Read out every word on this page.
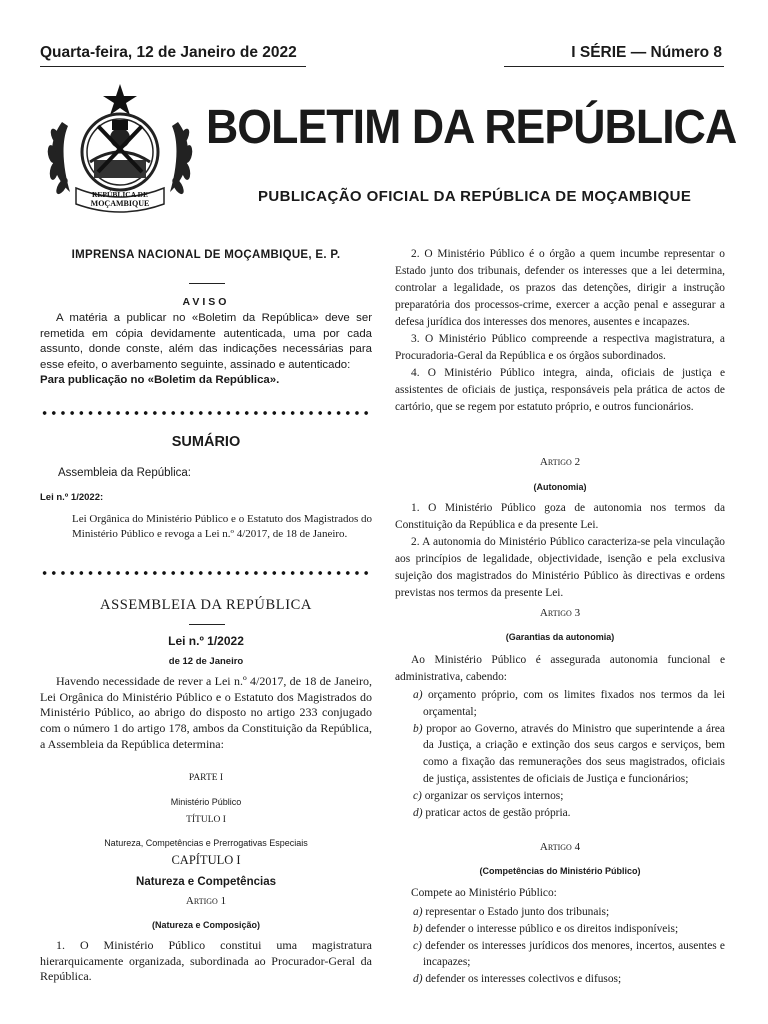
Quarta-feira, 12 de Janeiro de 2022	I SÉRIE — Número 8
REPÚBLICA DE
MOÇAMBIQUE
BOLETIM DA REPÚBLICA
PUBLICAÇÃO OFICIAL DA REPÚBLICA DE MOÇAMBIQUE
IMPRENSA NACIONAL DE MOÇAMBIQUE, E. P.
AVISO

A matéria a publicar no «Boletim da República» deve ser remetida em cópia devidamente autenticada, uma por cada assunto, donde conste, além das indicações necessárias para esse efeito, o averbamento seguinte, assinado e autenticado:

Para publicação no «Boletim da República».

SUMÁRIO
Assembleia da República:
Lei n.º 1/2022:
Lei Orgânica do Ministério Público e o Estatuto dos Magistrados do Ministério Público e revoga a Lei n.º 4/2017, de 18 de Janeiro.
ASSEMBLEIA DA REPÚBLICA
Lei n.º 1/2022
de 12 de Janeiro
Havendo necessidade de rever a Lei n.º 4/2017, de 18 de Janeiro, Lei Orgânica do Ministério Público e o Estatuto dos Magistrados do Ministério Público, ao abrigo do disposto no artigo 233 conjugado com o número 1 do artigo 178, ambos da Constituição da República, a Assembleia da República determina:
PARTE I
Ministério Público
TÍTULO I
Natureza, Competências e Prerrogativas Especiais
CAPÍTULO I
Natureza e Competências
Artigo 1
(Natureza e Composição)
1. O Ministério Público constitui uma magistratura hierarquicamente organizada, subordinada ao Procurador-Geral da República.

2. O Ministério Público é o órgão a quem incumbe representar o Estado junto dos tribunais, defender os interesses que a lei determina, controlar a legalidade, os prazos das detenções, dirigir a instrução preparatória dos processos-crime, exercer a acção penal e assegurar a defesa jurídica dos interesses dos menores, ausentes e incapazes.

3. O Ministério Público compreende a respectiva magistratura, a Procuradoria-Geral da República e os órgãos subordinados.

4. O Ministério Público integra, ainda, oficiais de justiça e assistentes de oficiais de justiça, responsáveis pela prática de actos de cartório, que se regem por estatuto próprio, e outros funcionários.

Artigo 2
(Autonomia)

1. O Ministério Público goza de autonomia nos termos da Constituição da República e da presente Lei.

2. A autonomia do Ministério Público caracteriza-se pela vinculação aos princípios de legalidade, objectividade, isenção e pela exclusiva sujeição dos magistrados do Ministério Público às directivas e ordens previstas nos termos da presente Lei.

Artigo 3
(Garantias da autonomia)
Ao Ministério Público é assegurada autonomia funcional e administrativa, cabendo:

a) orçamento próprio, com os limites fixados nos termos da lei orçamental;

b) propor ao Governo, através do Ministro que superintende a área da Justiça, a criação e extinção dos seus cargos e serviços, bem como a fixação das remunerações dos seus magistrados, oficiais de justiça, assistentes de oficiais de Justiça e funcionários;

c) organizar os serviços internos;

d) praticar actos de gestão própria.

Artigo 4
(Competências do Ministério Público)
Compete ao Ministério Público:

a) representar o Estado junto dos tribunais;

b) defender o interesse público e os direitos indisponíveis;

c) defender os interesses jurídicos dos menores, incertos, ausentes e incapazes;

d) defender os interesses colectivos e difusos;
